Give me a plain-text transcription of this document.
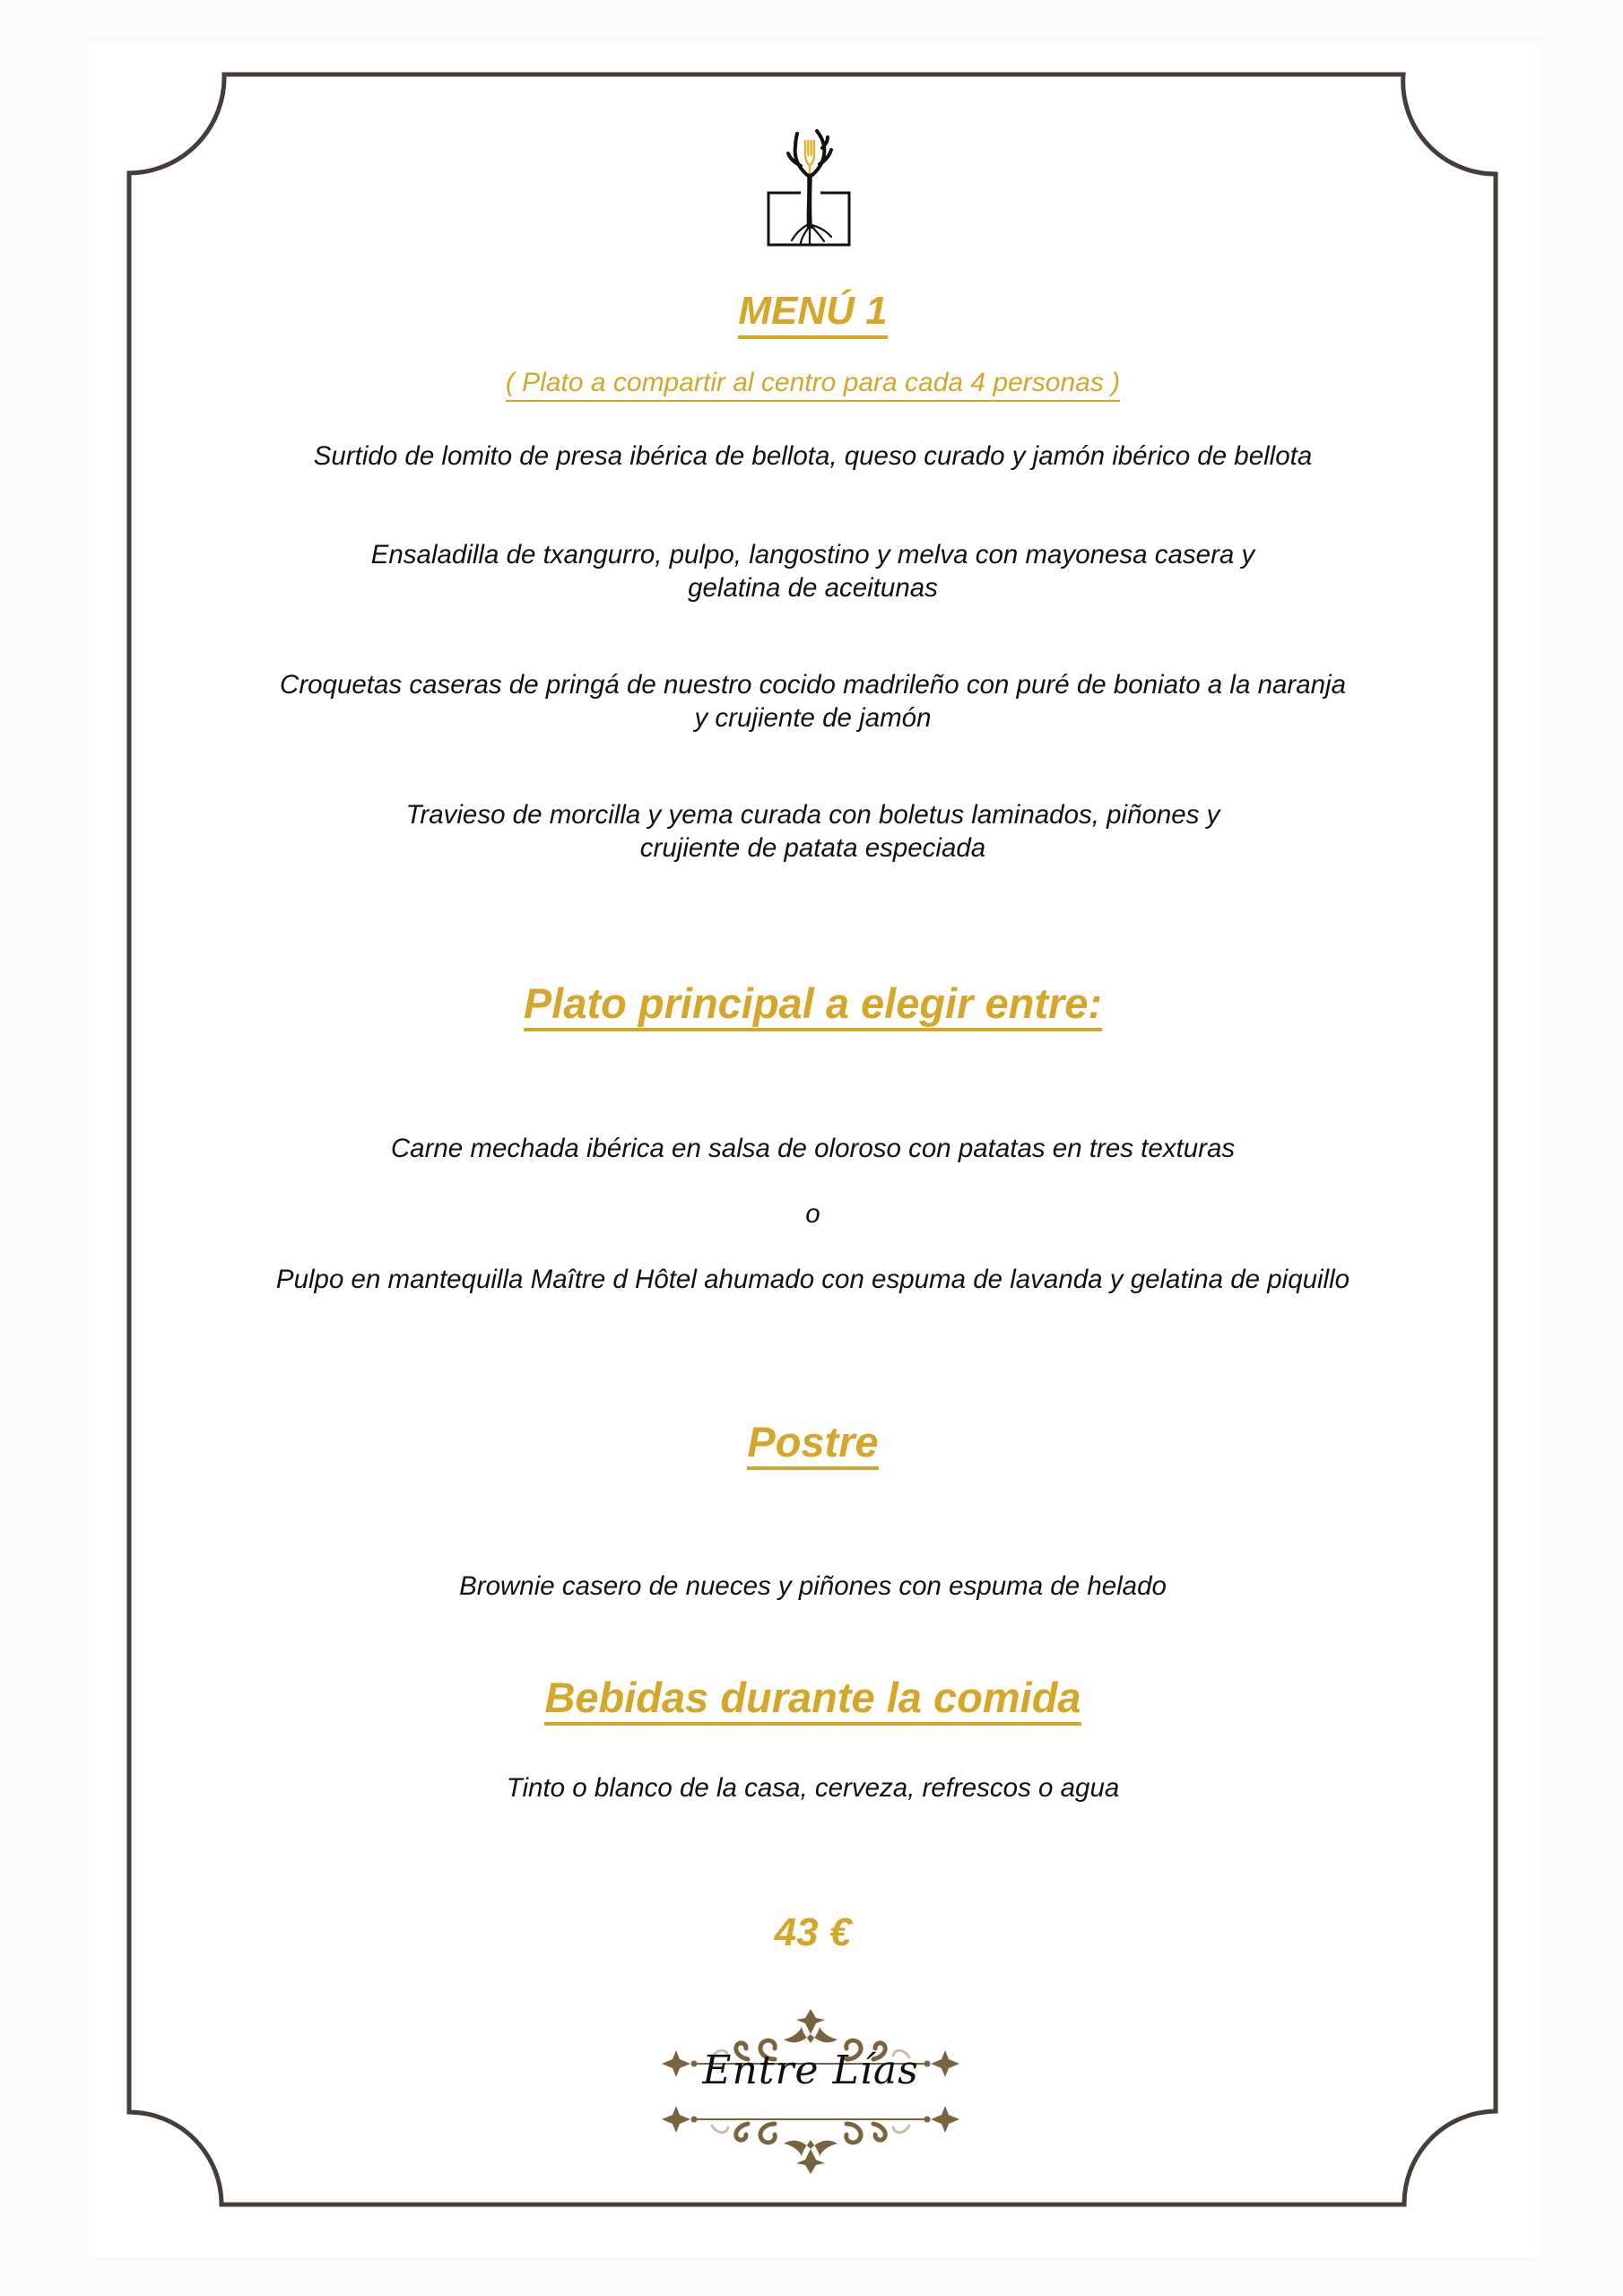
MENÚ 1
( Plato a compartir al centro para cada 4 personas )
Surtido de lomito de presa ibérica de bellota, queso curado y jamón ibérico de bellota
Ensaladilla de txangurro, pulpo, langostino y melva con mayonesa casera y
gelatina de aceitunas
Croquetas caseras de pringá de nuestro cocido madrileño con puré de boniato a la naranja
y crujiente de jamón
Travieso de morcilla y yema curada con boletus laminados, piñones y
crujiente de patata especiada
Plato principal a elegir entre:
Carne mechada ibérica en salsa de oloroso con patatas en tres texturas
o
Pulpo en mantequilla Maître d Hôtel ahumado con espuma de lavanda y gelatina de piquillo
Postre
Brownie casero de nueces y piñones con espuma de helado
Bebidas durante la comida
Tinto o blanco de la casa, cerveza, refrescos o agua
43 €
Entre Lías
